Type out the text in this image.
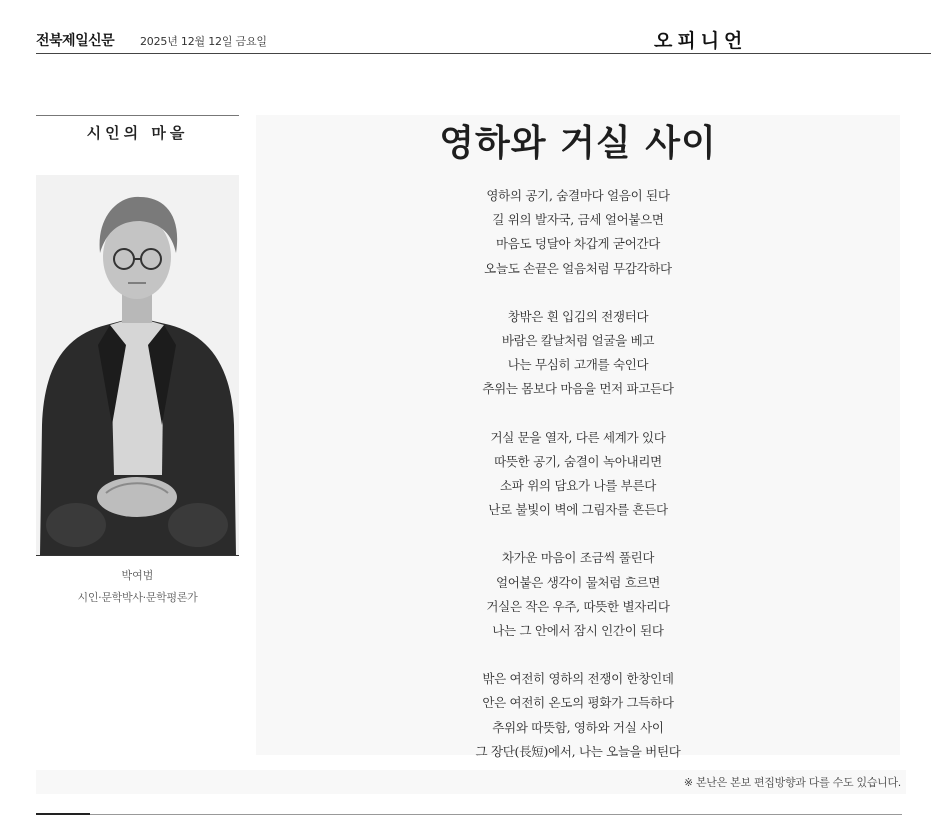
전북제일신문 2025년 12월 12일 금요일	오피니언
시인의 마을
박여범
시인·문학박사·문학평론가
영하와 거실 사이
영하의 공기, 숨결마다 얼음이 된다
길 위의 발자국, 금세 얼어붙으면
마음도 덩달아 차갑게 굳어간다
오늘도 손끝은 얼음처럼 무감각하다
창밖은 흰 입김의 전쟁터다
바람은 칼날처럼 얼굴을 베고
나는 무심히 고개를 숙인다
추위는 몸보다 마음을 먼저 파고든다
거실 문을 열자, 다른 세계가 있다
따뜻한 공기, 숨결이 녹아내리면
소파 위의 담요가 나를 부른다
난로 불빛이 벽에 그림자를 흔든다
차가운 마음이 조금씩 풀린다
얼어붙은 생각이 물처럼 흐르면
거실은 작은 우주, 따뜻한 별자리다
나는 그 안에서 잠시 인간이 된다
밖은 여전히 영하의 전쟁이 한창인데
안은 여전히 온도의 평화가 그득하다
추위와 따뜻함, 영하와 거실 사이
그 장단(長短)에서, 나는 오늘을 버틴다
※ 본난은 본보 편집방향과 다를 수도 있습니다.
